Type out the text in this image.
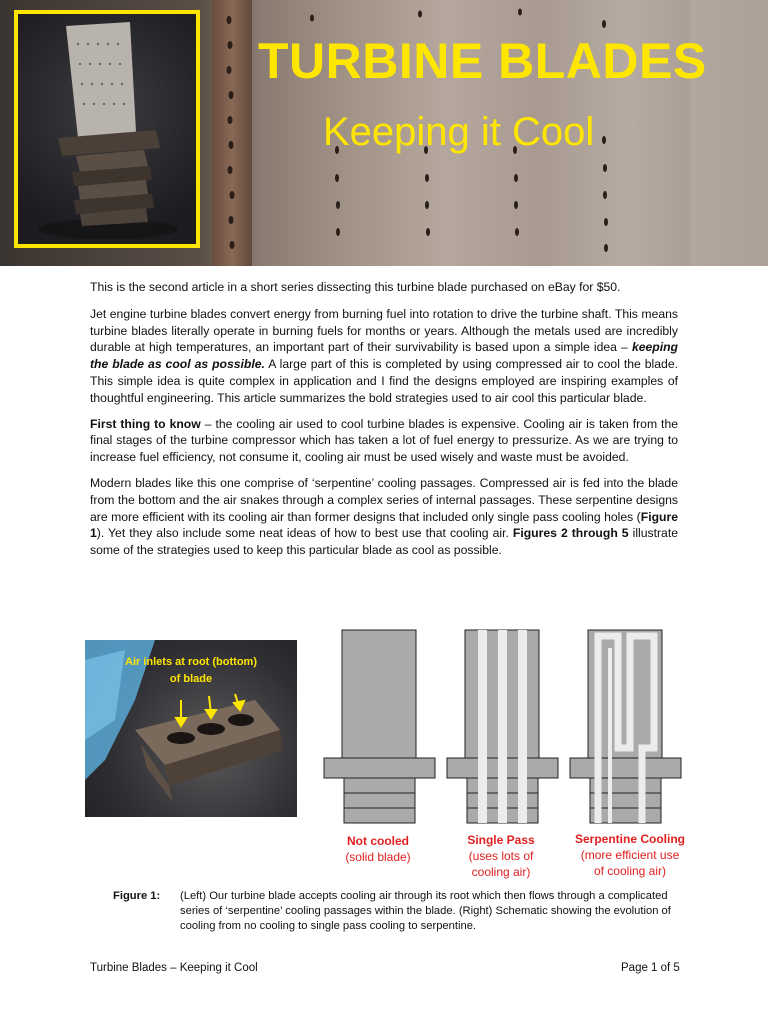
TURBINE BLADES
Keeping it Cool

This is the second article in a short series dissecting this turbine blade purchased on eBay for $50.

Jet engine turbine blades convert energy from burning fuel into rotation to drive the turbine shaft. This means turbine blades literally operate in burning fuels for months or years. Although the metals used are incredibly durable at high temperatures, an important part of their survivability is based upon a simple idea – keeping the blade as cool as possible. A large part of this is completed by using compressed air to cool the blade. This simple idea is quite complex in application and I find the designs employed are inspiring examples of thoughtful engineering. This article summarizes the bold strategies used to air cool this particular blade.

First thing to know – the cooling air used to cool turbine blades is expensive. Cooling air is taken from the final stages of the turbine compressor which has taken a lot of fuel energy to pressurize. As we are trying to increase fuel efficiency, not consume it, cooling air must be used wisely and waste must be avoided.

Modern blades like this one comprise of ‘serpentine’ cooling passages. Compressed air is fed into the blade from the bottom and the air snakes through a complex series of internal passages. These serpentine designs are more efficient with its cooling air than former designs that included only single pass cooling holes (Figure 1). Yet they also include some neat ideas of how to best use that cooling air. Figures 2 through 5 illustrate some of the strategies used to keep this particular blade as cool as possible.

Air inlets at root (bottom)
of blade
Not cooled
(solid blade)
Single Pass
(uses lots of
cooling air)
Serpentine Cooling
(more efficient use
of cooling air)
Figure 1: (Left) Our turbine blade accepts cooling air through its root which then flows through a complicated series of ‘serpentine’ cooling passages within the blade. (Right) Schematic showing the evolution of cooling from no cooling to single pass cooling to serpentine.
Turbine Blades – Keeping it Cool	Page 1 of 5
